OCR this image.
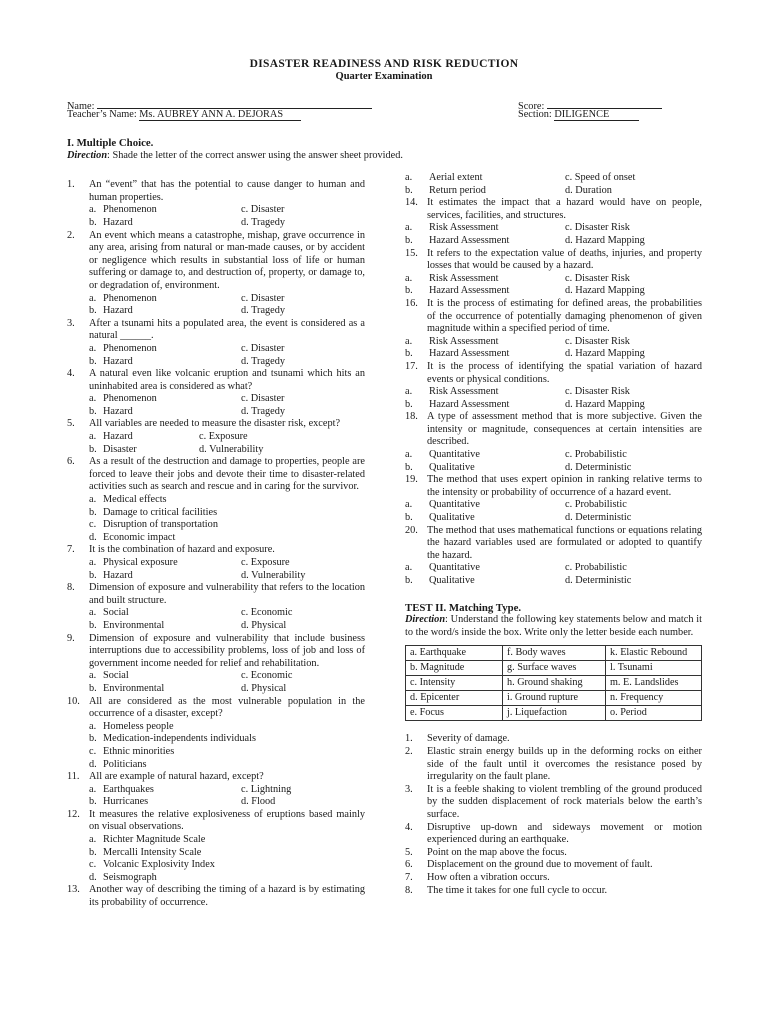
DISASTER READINESS AND RISK REDUCTION
Quarter Examination
Name:
Teacher’s Name: Ms. AUBREY ANN A. DEJORAS
Score:
Section: DILIGENCE
I. Multiple Choice.
Direction: Shade the letter of the correct answer using the answer sheet provided.
1. An “event” that has the potential to cause danger to human and human properties.
a. Phenomenon	c. Disaster
b. Hazard	d. Tragedy
2. An event which means a catastrophe, mishap, grave occurrence in any area, arising from natural or man-made causes, or by accident or negligence which results in substantial loss of life or human suffering or damage to, and destruction of, property, or damage to, or degradation of, environment.
a. Phenomenon	c. Disaster
b. Hazard	d. Tragedy
3. After a tsunami hits a populated area, the event is considered as a natural ______.
a. Phenomenon	c. Disaster
b. Hazard	d. Tragedy
4. A natural even like volcanic eruption and tsunami which hits an uninhabited area is considered as what?
a. Phenomenon	c. Disaster
b. Hazard	d. Tragedy
5. All variables are needed to measure the disaster risk, except?
a. Hazard	c. Exposure
b. Disaster	d. Vulnerability
6. As a result of the destruction and damage to properties, people are forced to leave their jobs and devote their time to disaster-related activities such as search and rescue and in caring for the survivor.
a. Medical effects
b. Damage to critical facilities
c. Disruption of transportation
d. Economic impact
7. It is the combination of hazard and exposure.
a. Physical exposure	c. Exposure
b. Hazard	d. Vulnerability
8. Dimension of exposure and vulnerability that refers to the location and built structure.
a. Social	c. Economic
b. Environmental	d. Physical
9. Dimension of exposure and vulnerability that include business interruptions due to accessibility problems, loss of job and loss of government income needed for relief and rehabilitation.
a. Social	c. Economic
b. Environmental	d. Physical
10. All are considered as the most vulnerable population in the occurrence of a disaster, except?
a. Homeless people
b. Medication-independents individuals
c. Ethnic minorities
d. Politicians
11. All are example of natural hazard, except?
a. Earthquakes	c. Lightning
b. Hurricanes	d. Flood
12. It measures the relative explosiveness of eruptions based mainly on visual observations.
a. Richter Magnitude Scale
b. Mercalli Intensity Scale
c. Volcanic Explosivity Index
d. Seismograph
13. Another way of describing the timing of a hazard is by estimating its probability of occurrence.
a.	Aerial extent	c. Speed of onset
b.	Return period	d. Duration
14. It estimates the impact that a hazard would have on people, services, facilities, and structures.
a.	Risk Assessment	c. Disaster Risk
b.	Hazard Assessment	d. Hazard Mapping
15. It refers to the expectation value of deaths, injuries, and property losses that would be caused by a hazard.
a.	Risk Assessment	c. Disaster Risk
b.	Hazard Assessment	d. Hazard Mapping
16. It is the process of estimating for defined areas, the probabilities of the occurrence of potentially damaging phenomenon of given magnitude within a specified period of time.
a.	Risk Assessment	c. Disaster Risk
b.	Hazard Assessment	d. Hazard Mapping
17. It is the process of identifying the spatial variation of hazard events or physical conditions.
a.	Risk Assessment	c. Disaster Risk
b.	Hazard Assessment	d. Hazard Mapping
18. A type of assessment method that is more subjective. Given the intensity or magnitude, consequences at certain intensities are described.
a.	Quantitative	c. Probabilistic
b.	Qualitative	d. Deterministic
19. The method that uses expert opinion in ranking relative terms to the intensity or probability of occurrence of a hazard event.
a.	Quantitative	c. Probabilistic
b.	Qualitative	d. Deterministic
20. The method that uses mathematical functions or equations relating the hazard variables used are formulated or adopted to quantify the hazard.
a.	Quantitative	c. Probabilistic
b.	Qualitative	d. Deterministic
TEST II. Matching Type.
Direction: Understand the following key statements below and match it to the word/s inside the box. Write only the letter beside each number.
a. Earthquake	f. Body waves	k. Elastic Rebound
b. Magnitude	g. Surface waves	l. Tsunami
c. Intensity	h. Ground shaking	m. E. Landslides
d. Epicenter	i. Ground rupture	n. Frequency
e. Focus	j. Liquefaction	o. Period
1. Severity of damage.
2. Elastic strain energy builds up in the deforming rocks on either side of the fault until it overcomes the resistance posed by irregularity on the fault plane.
3. It is a feeble shaking to violent trembling of the ground produced by the sudden displacement of rock materials below the earth’s surface.
4. Disruptive up-down and sideways movement or motion experienced during an earthquake.
5. Point on the map above the focus.
6. Displacement on the ground due to movement of fault.
7. How often a vibration occurs.
8. The time it takes for one full cycle to occur.
